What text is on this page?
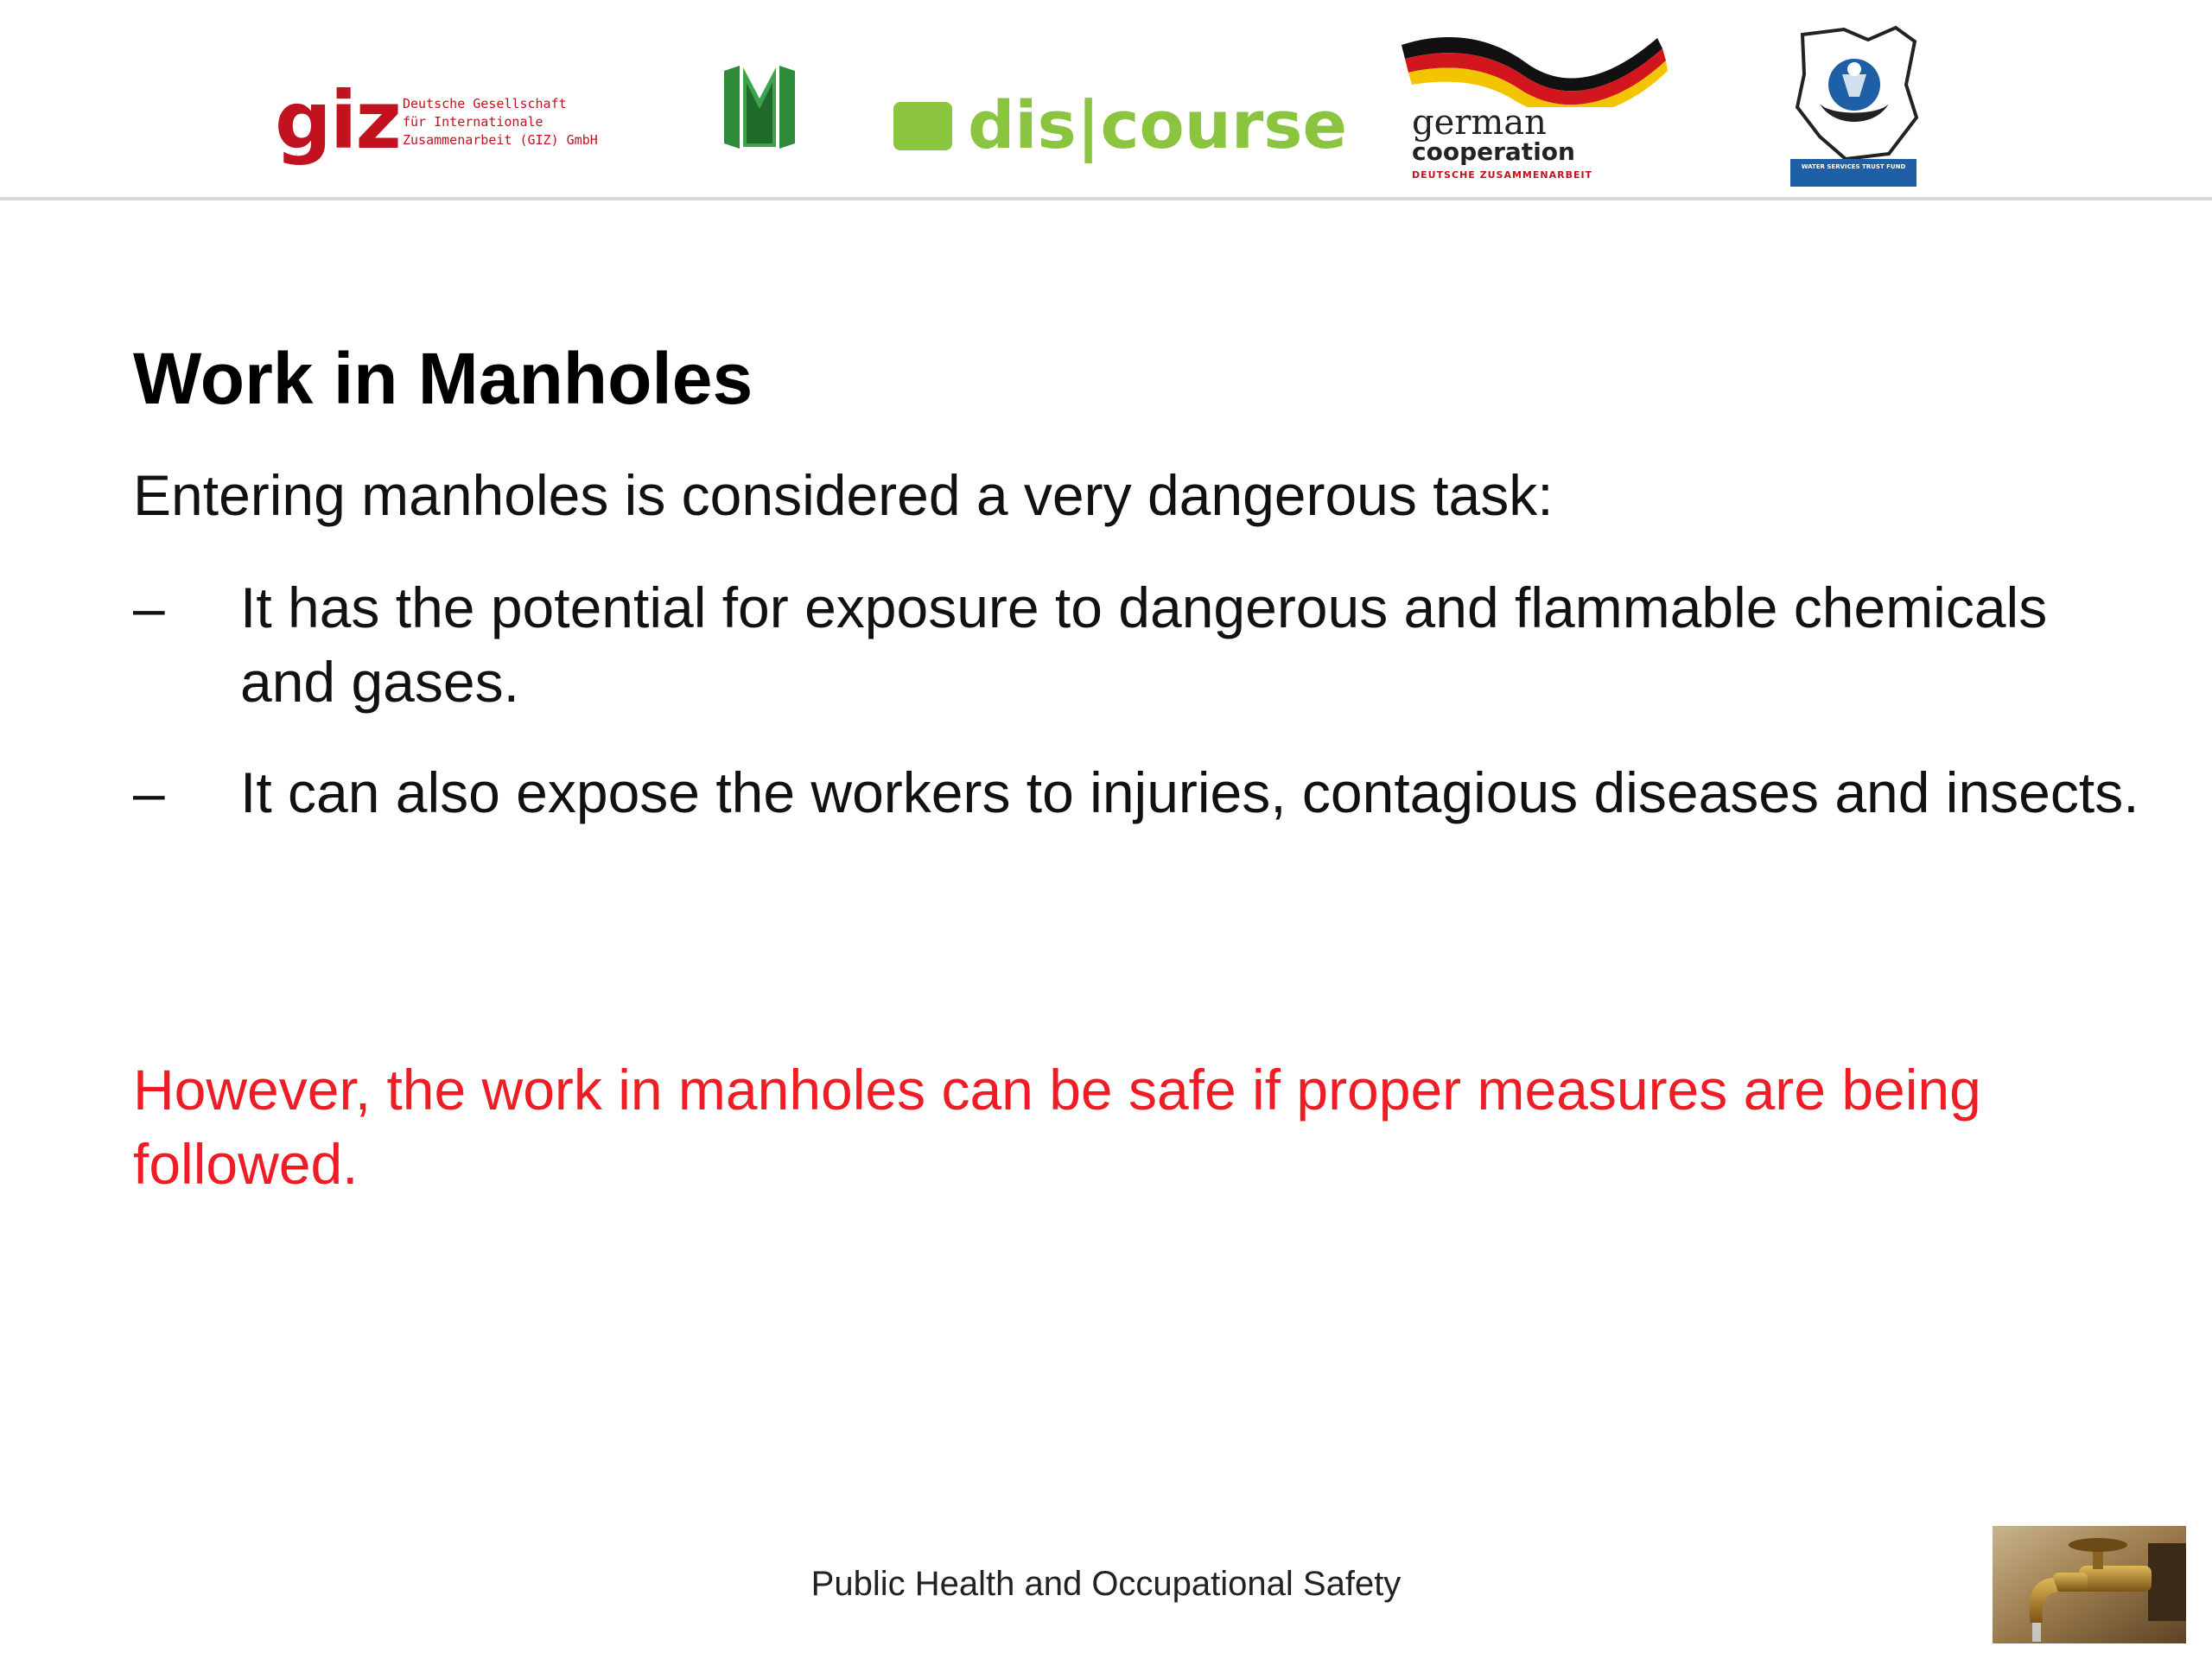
giz Deutsche Gesellschaft
für Internationale
Zusammenarbeit (GIZ) GmbH	dis|course german
cooperation
DEUTSCHE ZUSAMMENARBEIT
WATER SERVICES TRUST FUND
Work in Manholes
Entering manholes is considered a very dangerous task:
–	It has the potential for exposure to dangerous and flammable chemicals and gases.
–	It can also expose the workers to injuries, contagious diseases and insects.
However, the work in manholes can be safe if proper measures are being followed.
Public Health and Occupational Safety
